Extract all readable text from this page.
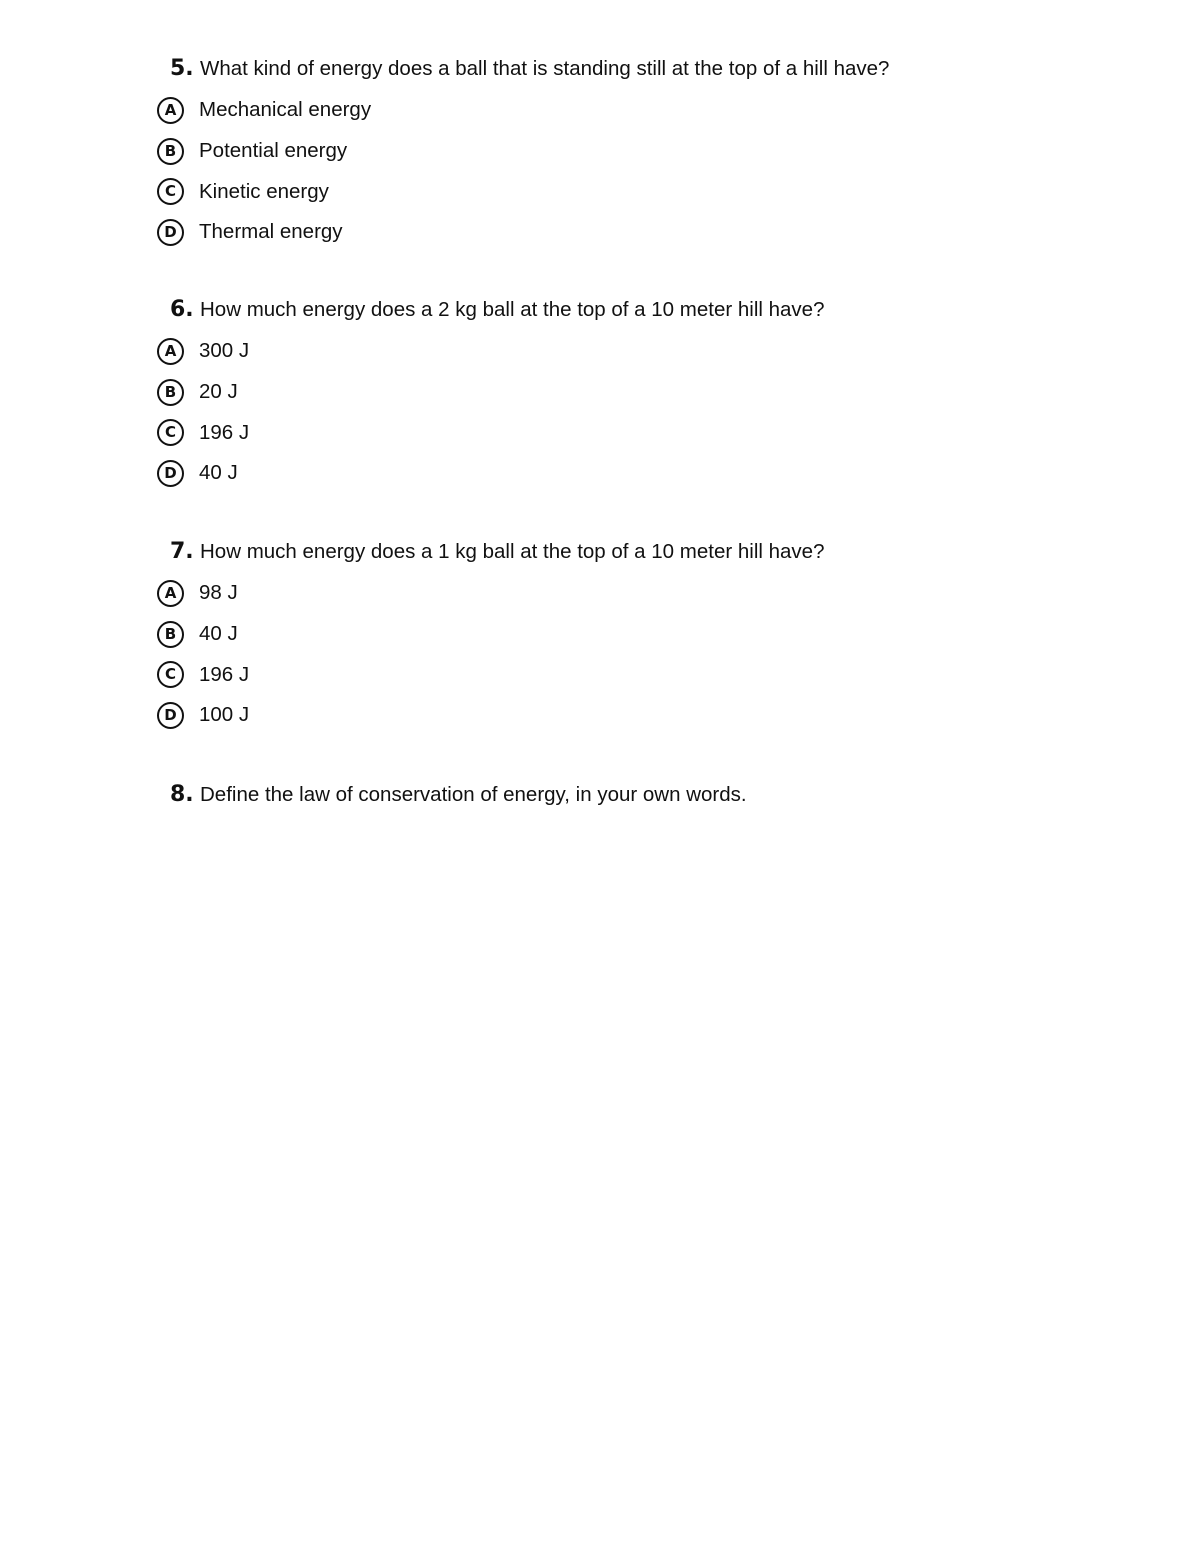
5. What kind of energy does a ball that is standing still at the top of a hill have?
A	Mechanical energy
B	Potential energy
C	Kinetic energy
D	Thermal energy
6. How much energy does a 2 kg ball at the top of a 10 meter hill have?
A	300 J
B	20 J
C	196 J
D	40 J
7. How much energy does a 1 kg ball at the top of a 10 meter hill have?
A	98 J
B	40 J
C	196 J
D	100 J
8. Define the law of conservation of energy, in your own words.
